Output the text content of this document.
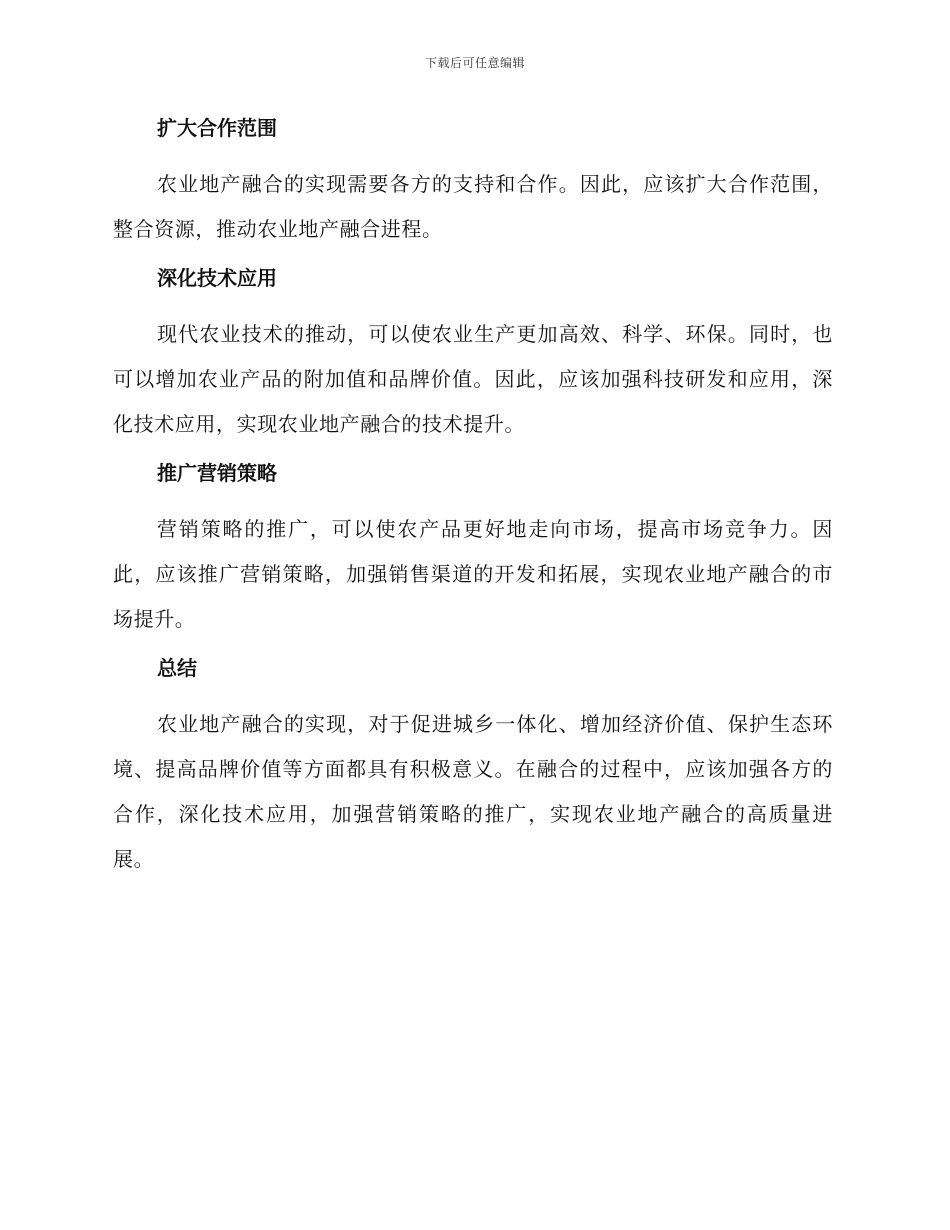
下载后可任意编辑
扩大合作范围

农业地产融合的实现需要各方的支持和合作。因此，应该扩大合作范围，整合资源，推动农业地产融合进程。

深化技术应用

现代农业技术的推动，可以使农业生产更加高效、科学、环保。同时，也可以增加农业产品的附加值和品牌价值。因此，应该加强科技研发和应用，深化技术应用，实现农业地产融合的技术提升。

推广营销策略

营销策略的推广，可以使农产品更好地走向市场，提高市场竞争力。因此，应该推广营销策略，加强销售渠道的开发和拓展，实现农业地产融合的市场提升。

总结

农业地产融合的实现，对于促进城乡一体化、增加经济价值、保护生态环境、提高品牌价值等方面都具有积极意义。在融合的过程中，应该加强各方的合作，深化技术应用，加强营销策略的推广，实现农业地产融合的高质量进展。
